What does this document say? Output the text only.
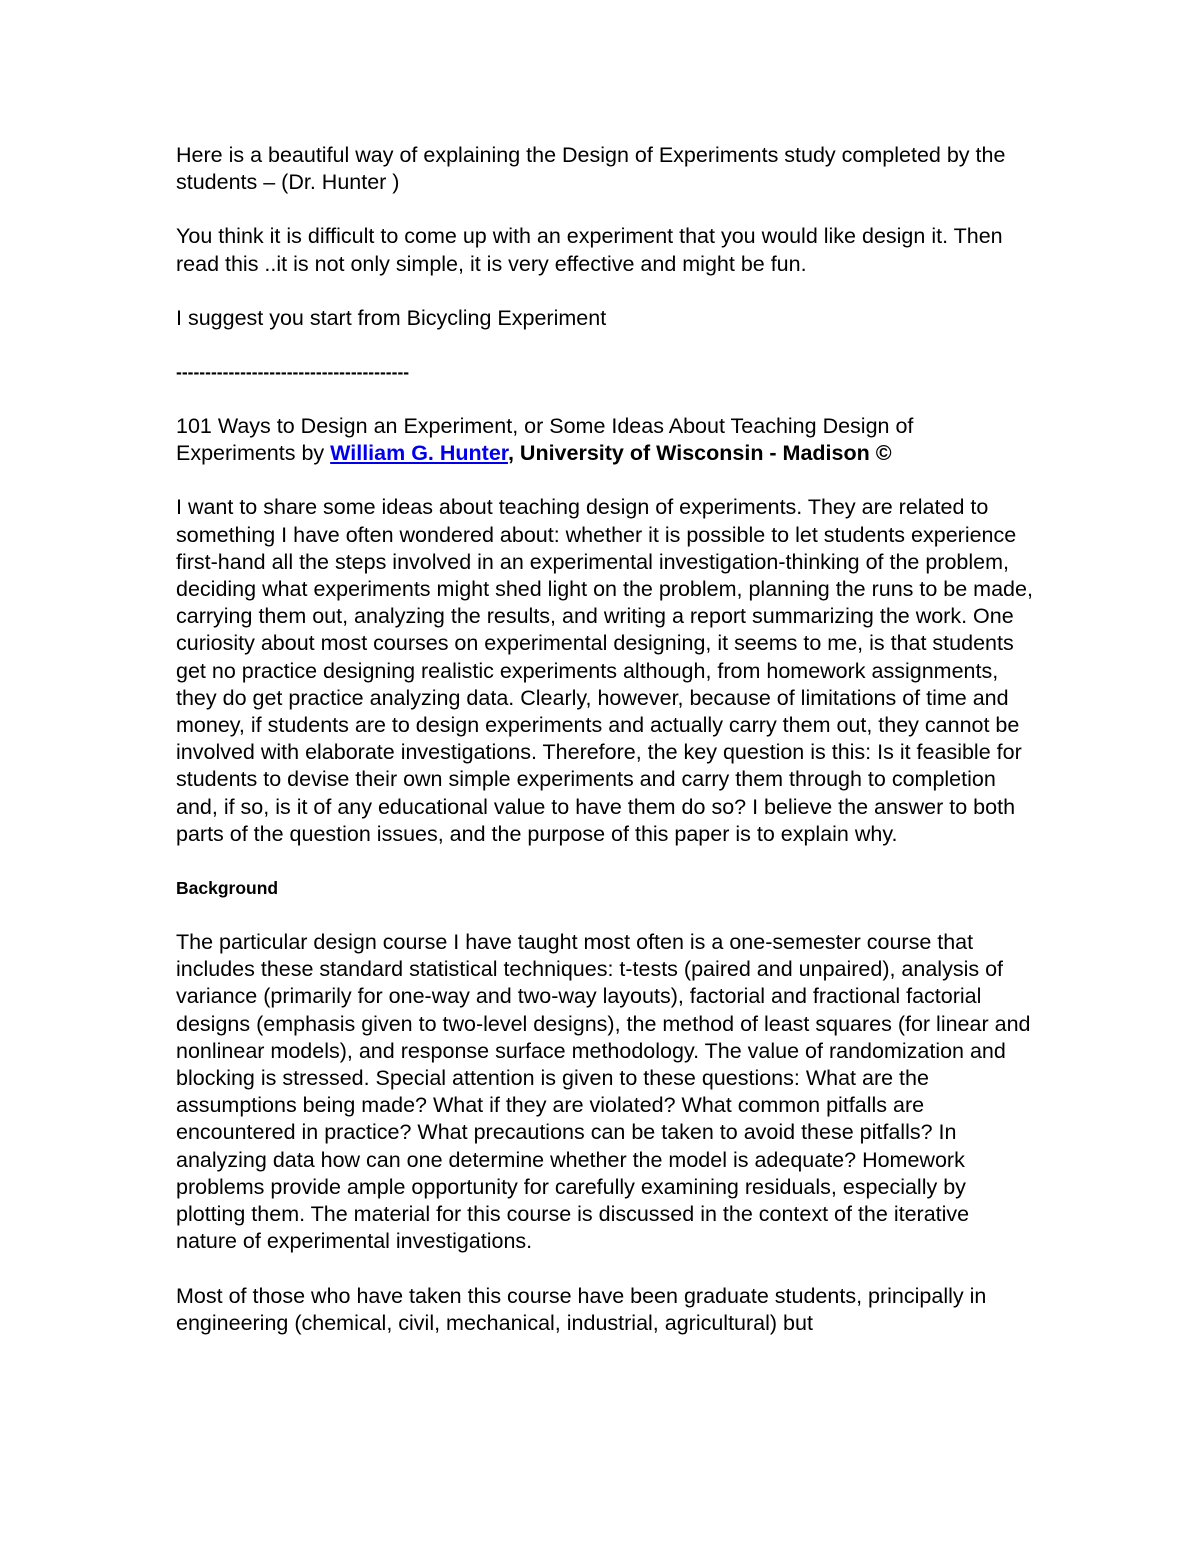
Here is a beautiful way of explaining the Design of Experiments study completed by the students – (Dr. Hunter )

You think it is difficult to come up with an experiment that you would like design it. Then read this ..it is not only simple, it is very effective and might be fun.

I suggest you start from Bicycling Experiment

----------------------------------------

101 Ways to Design an Experiment, or Some Ideas About Teaching Design of Experiments by William G. Hunter, University of Wisconsin - Madison ©

I want to share some ideas about teaching design of experiments. They are related to something I have often wondered about: whether it is possible to let students experience first-hand all the steps involved in an experimental investigation-thinking of the problem, deciding what experiments might shed light on the problem, planning the runs to be made, carrying them out, analyzing the results, and writing a report summarizing the work. One curiosity about most courses on experimental designing, it seems to me, is that students get no practice designing realistic experiments although, from homework assignments, they do get practice analyzing data. Clearly, however, because of limitations of time and money, if students are to design experiments and actually carry them out, they cannot be involved with elaborate investigations. Therefore, the key question is this: Is it feasible for students to devise their own simple experiments and carry them through to completion and, if so, is it of any educational value to have them do so? I believe the answer to both parts of the question issues, and the purpose of this paper is to explain why.

Background

The particular design course I have taught most often is a one-semester course that includes these standard statistical techniques: t-tests (paired and unpaired), analysis of variance (primarily for one-way and two-way layouts), factorial and fractional factorial designs (emphasis given to two-level designs), the method of least squares (for linear and nonlinear models), and response surface methodology. The value of randomization and blocking is stressed. Special attention is given to these questions: What are the assumptions being made? What if they are violated? What common pitfalls are encountered in practice? What precautions can be taken to avoid these pitfalls? In analyzing data how can one determine whether the model is adequate? Homework problems provide ample opportunity for carefully examining residuals, especially by plotting them. The material for this course is discussed in the context of the iterative nature of experimental investigations.

Most of those who have taken this course have been graduate students, principally in engineering (chemical, civil, mechanical, industrial, agricultural) but
